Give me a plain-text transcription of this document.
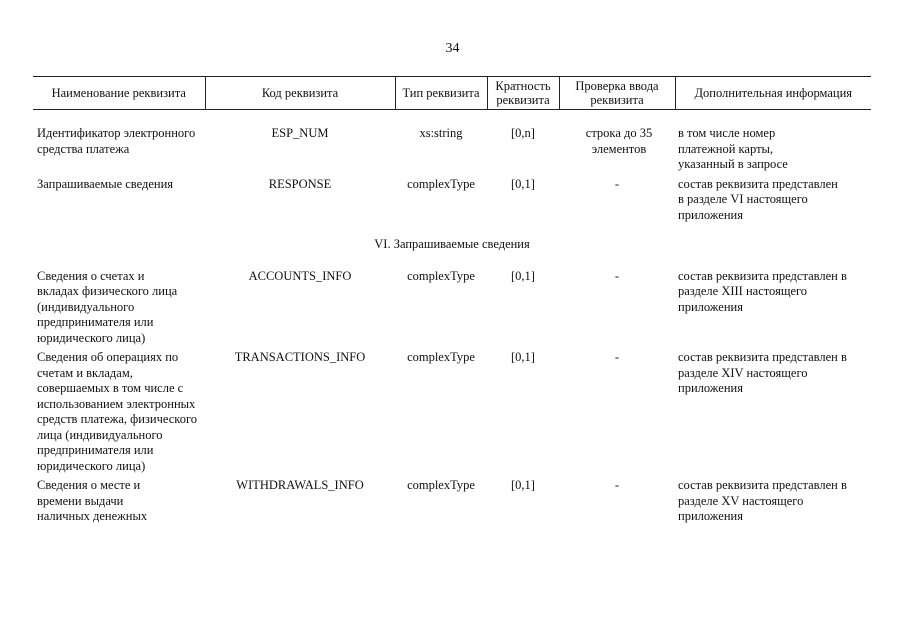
34
Наименование реквизита	Код реквизита	Тип реквизита	Кратность реквизита	Проверка ввода реквизита	Дополнительная информация
Идентификатор электронного средства платежа	ESP_NUM	xs:string	[0,n]	строка до 35 элементов	в том числе номер платежной карты, указанный в запросе
Запрашиваемые сведения	RESPONSE	complexType	[0,1]	-	состав реквизита представлен в разделе VI настоящего приложения
VI. Запрашиваемые сведения					
Сведения о счетах и вкладах физического лица (индивидуального предпринимателя или юридического лица)	ACCOUNTS_INFO	complexType	[0,1]	-	состав реквизита представлен в разделе XIII настоящего приложения
Сведения об операциях по счетам и вкладам, совершаемых в том числе с использованием электронных средств платежа, физического лица (индивидуального предпринимателя или юридического лица)	TRANSACTIONS_INFO	complexType	[0,1]	-	состав реквизита представлен в разделе XIV настоящего приложения
Сведения о месте и времени выдачи наличных денежных	WITHDRAWALS_INFO	complexType	[0,1]	-	состав реквизита представлен в разделе XV настоящего приложения
